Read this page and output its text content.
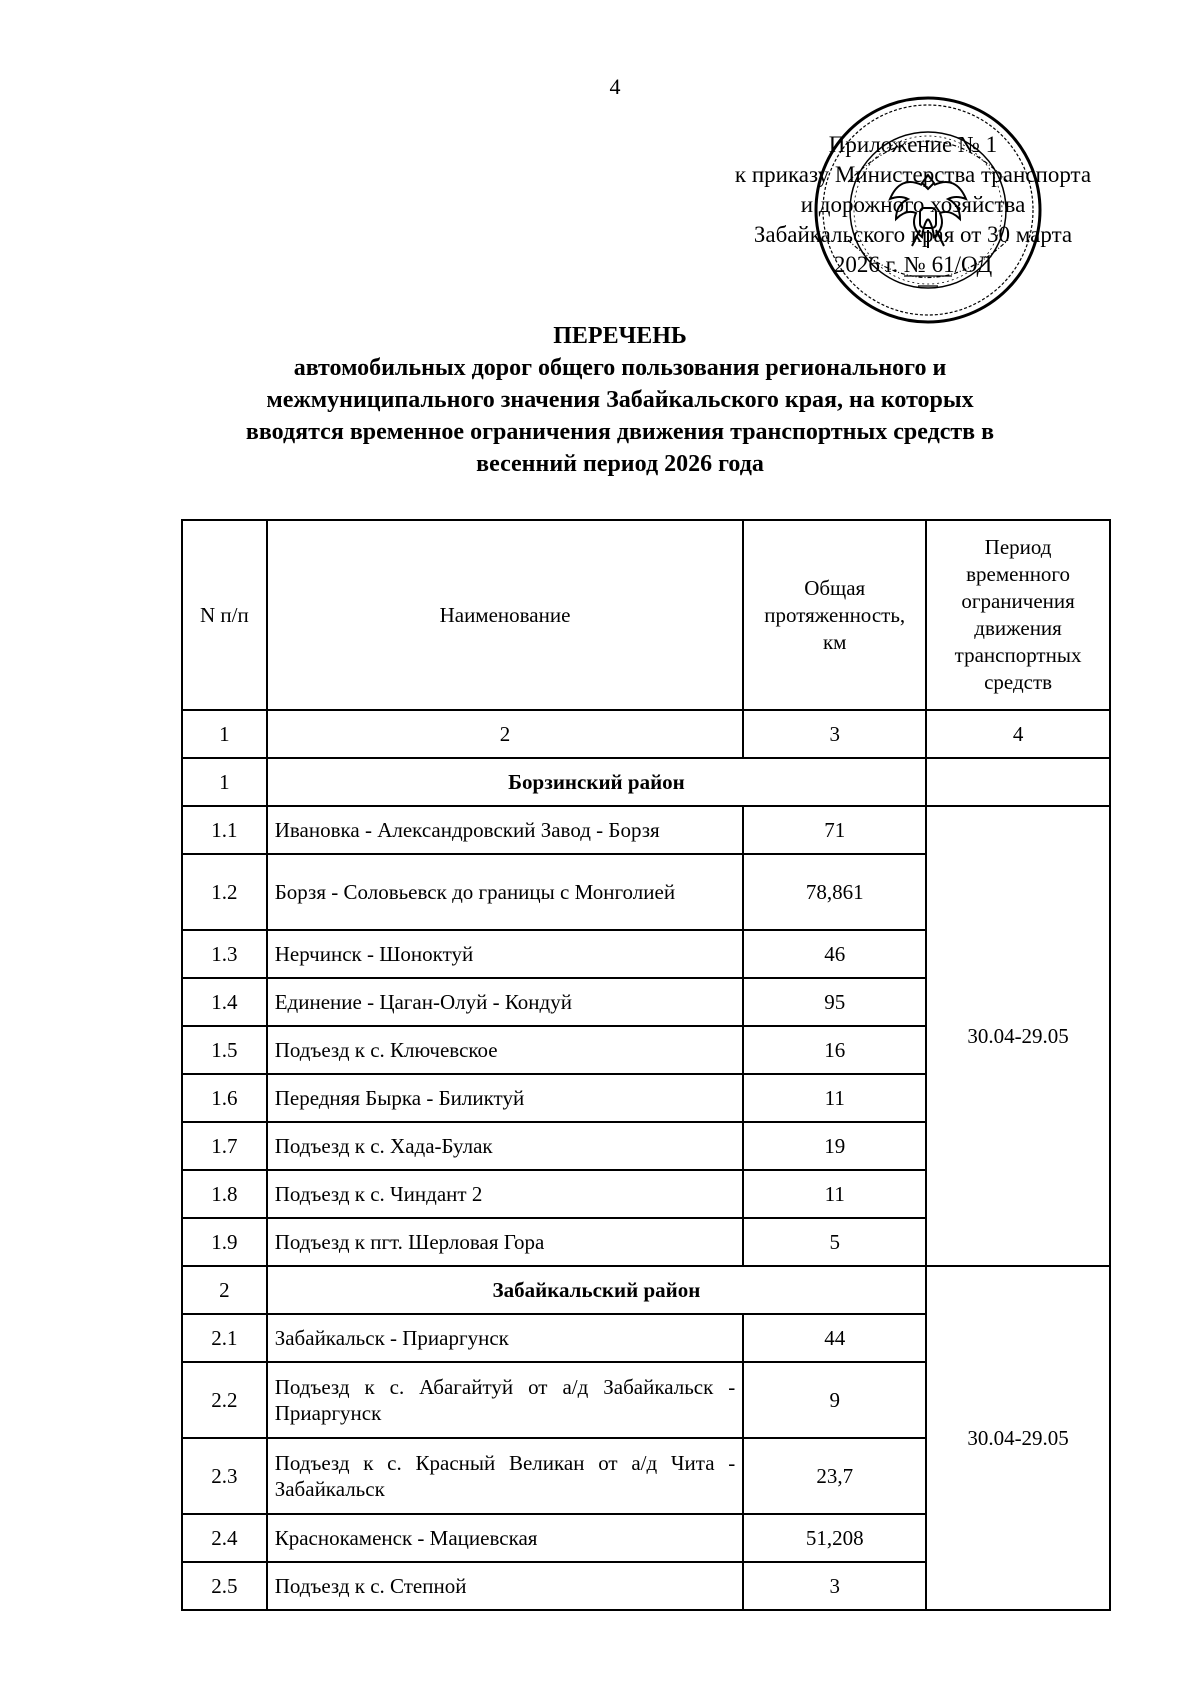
4
Приложение № 1
к приказу Министерства транспорта
и дорожного хозяйства
Забайкальского края от 30 марта
2026 г. № 61/ОД
ПЕРЕЧЕНЬ
автомобильных дорог общего пользования регионального и
межмуниципального значения Забайкальского края, на которых
вводятся временное ограничения движения транспортных средств в
весенний период 2026 года
N п/п	Наименование	Общая протяженность, км	Период временного ограничения движения транспортных средств
1	2	3	4
1	Борзинский район		
1.1	Ивановка - Александровский Завод - Борзя	71	30.04-29.05
1.2	Борзя - Соловьевск до границы с Монголией	78,861	
1.3	Нерчинск - Шоноктуй	46	
1.4	Единение - Цаган-Олуй - Кондуй	95	
1.5	Подъезд к с. Ключевское	16	
1.6	Передняя Бырка - Биликтуй	11	
1.7	Подъезд к с. Хада-Булак	19	
1.8	Подъезд к с. Чиндант 2	11	
1.9	Подъезд к пгт. Шерловая Гора	5	
2	Забайкальский район		30.04-29.05
2.1	Забайкальск - Приаргунск	44	
2.2	Подъезд к с. Абагайтуй от а/д Забайкальск - Приаргунск	9	
2.3	Подъезд к с. Красный Великан от а/д Чита - Забайкальск	23,7	
2.4	Краснокаменск - Мациевская	51,208	
2.5	Подъезд к с. Степной	3	
